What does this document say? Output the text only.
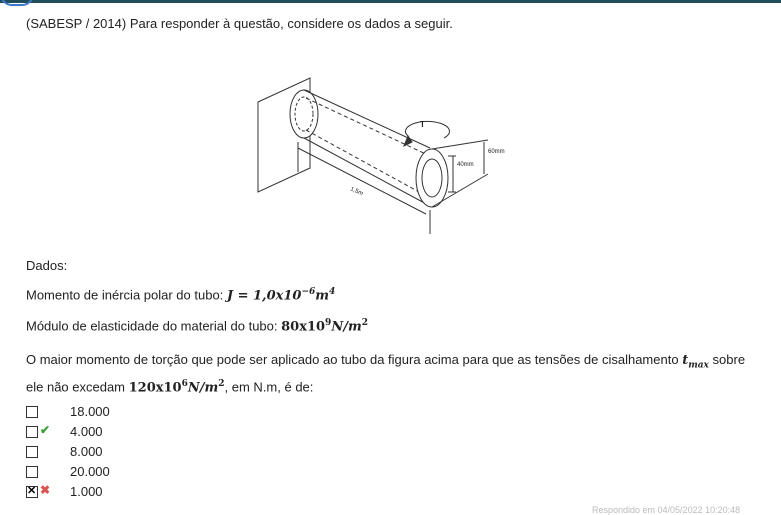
(SABESP / 2014) Para responder à questão, considere os dados a seguir.
T
40mm
60mm
1,5m
Dados:
Momento de inércia polar do tubo: $J = 1,0x10^{-6}m^4$
Módulo de elasticidade do material do tubo: $80x10^9N/m^2$
O maior momento de torção que pode ser aplicado ao tubo da figura acima para que as tensões de cisalhamento $t_{max}$ sobre ele não excedam $120x10^6N/m^2$, em N.m, é de:
18.000
✔ 4.000
8.000
20.000
✕
✖ 1.000
Respondido em 04/05/2022 10:20:48
